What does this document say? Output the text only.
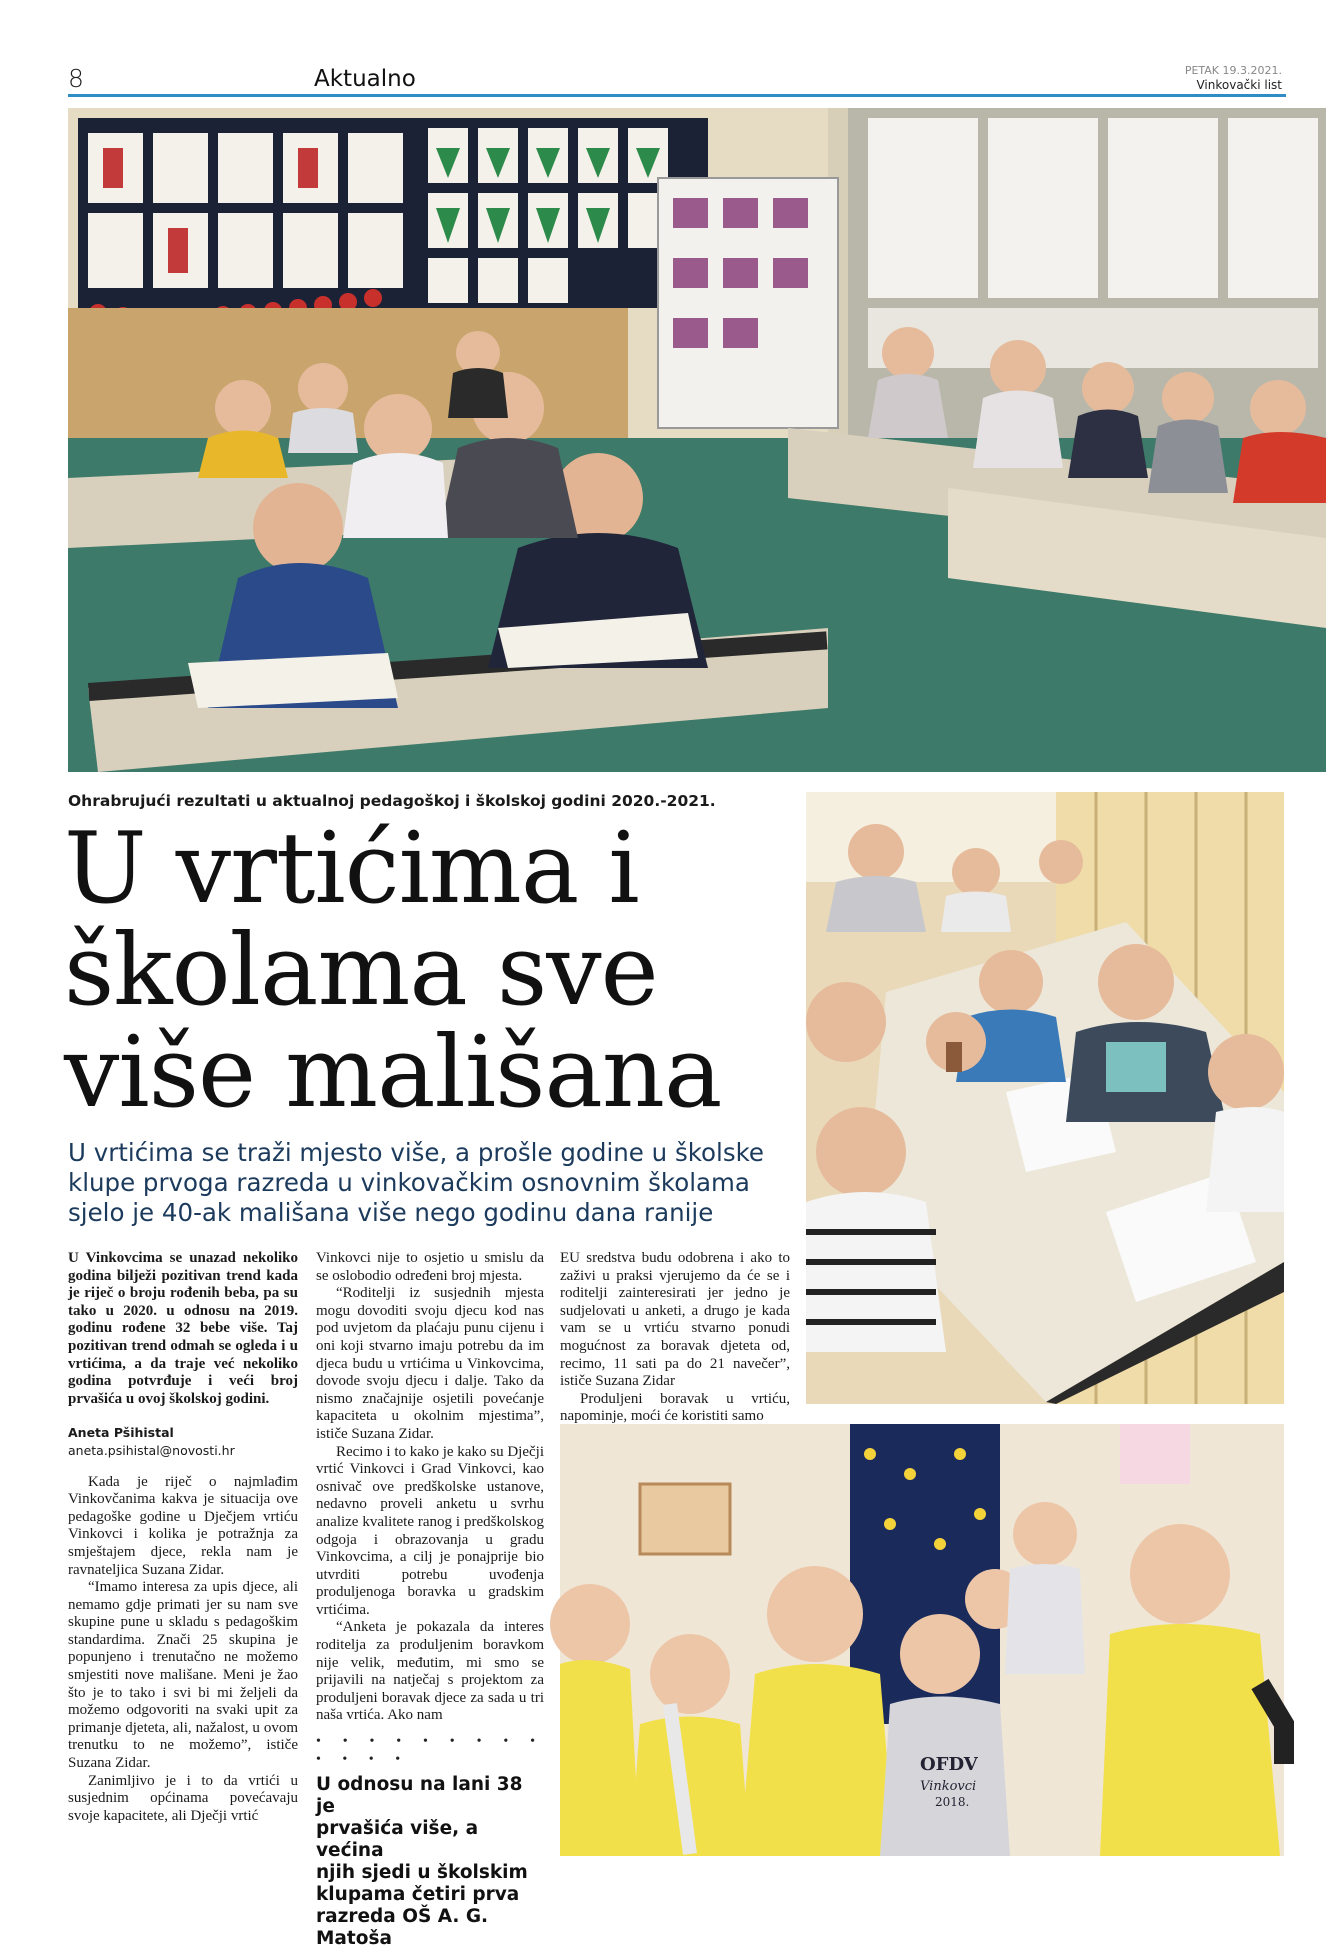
8	Aktualno	PETAK 19.3.2021.
Vinkovački list
Ohrabrujući rezultati u aktualnoj pedagoškoj i školskoj godini 2020.-2021.
U vrtićima i
školama sve
više mališana
U vrtićima se traži mjesto više, a prošle godine u školske
klupe prvoga razreda u vinkovačkim osnovnim školama
sjelo je 40-ak mališana više nego godinu dana ranije

U Vinkovcima se unazad nekoliko godina bilježi pozitivan trend kada je riječ o broju rođenih beba, pa su tako u 2020. u odnosu na 2019. godinu rođene 32 bebe više. Taj pozitivan trend odmah se ogleda i u vrtićima, a da traje već nekoliko godina potvrđuje i veći broj prvašića u ovoj školskoj godini.

Aneta Pšihistal
aneta.psihistal@novosti.hr

Kada je riječ o najmlađim Vinkovčanima kakva je situacija ove pedagoške godine u Dječjem vrtiću Vinkovci i kolika je potražnja za smještajem djece, rekla nam je ravnateljica Suzana Zidar.

“Imamo interesa za upis djece, ali nemamo gdje primati jer su nam sve skupine pune u skladu s pedagoškim standardima. Znači 25 skupina je popunjeno i trenutačno ne možemo smjestiti nove mališane. Meni je žao što je to tako i svi bi mi željeli da možemo odgovoriti na svaki upit za primanje djeteta, ali, nažalost, u ovom trenutku to ne možemo”, ističe Suzana Zidar.

Zanimljivo je i to da vrtići u susjednim općinama povećavaju svoje kapacitete, ali Dječji vrtić

Vinkovci nije to osjetio u smislu da se oslobodio određeni broj mjesta.

“Roditelji iz susjednih mjesta mogu dovoditi svoju djecu kod nas pod uvjetom da plaćaju punu cijenu i oni koji stvarno imaju potrebu da im djeca budu u vrtićima u Vinkovcima, dovode svoju djecu i dalje. Tako da nismo značajnije osjetili povećanje kapaciteta u okolnim mjestima”, ističe Suzana Zidar.

Recimo i to kako je kako su Dječji vrtić Vinkovci i Grad Vinkovci, kao osnivač ove predškolske ustanove, nedavno proveli anketu u svrhu analize kvalitete ranog i predškolskog odgoja i obrazovanja u gradu Vinkovcima, a cilj je ponajprije bio utvrditi potrebu uvođenja produljenoga boravka u gradskim vrtićima.

“Anketa je pokazala da interes roditelja za produljenim boravkom nije velik, međutim, mi smo se prijavili na natječaj s projektom za produljeni boravak djece za sada u tri naša vrtića. Ako nam

• • • • • • • • • • • • •
U odnosu na lani 38 je
prvašića više, a većina
njih sjedi u školskim
klupama četiri prva
razreda OŠ A. G. Matoša

EU sredstva budu odobrena i ako to zaživi u praksi vjerujemo da će se i roditelji zainteresirati jer jedno je sudjelovati u anketi, a drugo je kada vam se u vrtiću stvarno ponudi mogućnost za boravak djeteta od, recimo, 11 sati pa do 21 navečer”, ističe Suzana Zidar

Produljeni boravak u vrtiću, napominje, moći će koristiti samo

OFDV
Vinkovci
2018.
